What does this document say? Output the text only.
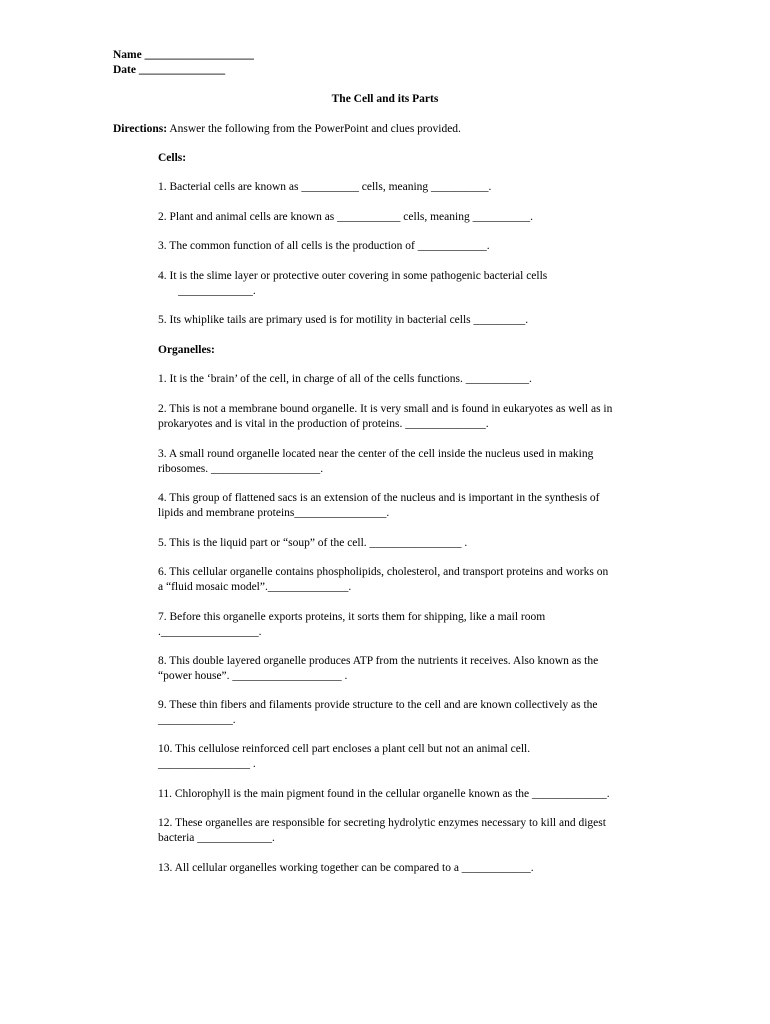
Name ___________________
Date _______________
The Cell and its Parts
Directions: Answer the following from the PowerPoint and clues provided.
Cells:
1. Bacterial cells are known as __________ cells, meaning __________.
2. Plant and animal cells are known as ___________ cells, meaning __________.
3. The common function of all cells is the production of ____________.
4. It is the slime layer or protective outer covering in some pathogenic bacterial cells
_____________.
5. Its whiplike tails are primary used is for motility in bacterial cells _________.
Organelles:
1. It is the ‘brain’ of the cell, in charge of all of the cells functions. ___________.
2. This is not a membrane bound organelle. It is very small and is found in eukaryotes as well as in
prokaryotes and is vital in the production of proteins. ______________.
3. A small round organelle located near the center of the cell inside the nucleus used in making
ribosomes. ___________________.
4. This group of flattened sacs is an extension of the nucleus and is important in the synthesis of
lipids and membrane proteins________________.
5. This is the liquid part or “soup” of the cell. ________________ .
6. This cellular organelle contains phospholipids, cholesterol, and transport proteins and works on
a “fluid mosaic model”.______________.
7. Before this organelle exports proteins, it sorts them for shipping, like a mail room
._________________.
8. This double layered organelle produces ATP from the nutrients it receives. Also known as the
“power house”. ___________________ .
9. These thin fibers and filaments provide structure to the cell and are known collectively as the
_____________.
10. This cellulose reinforced cell part encloses a plant cell but not an animal cell.
________________ .
11. Chlorophyll is the main pigment found in the cellular organelle known as the _____________.
12. These organelles are responsible for secreting hydrolytic enzymes necessary to kill and digest
bacteria _____________.
13. All cellular organelles working together can be compared to a ____________.
